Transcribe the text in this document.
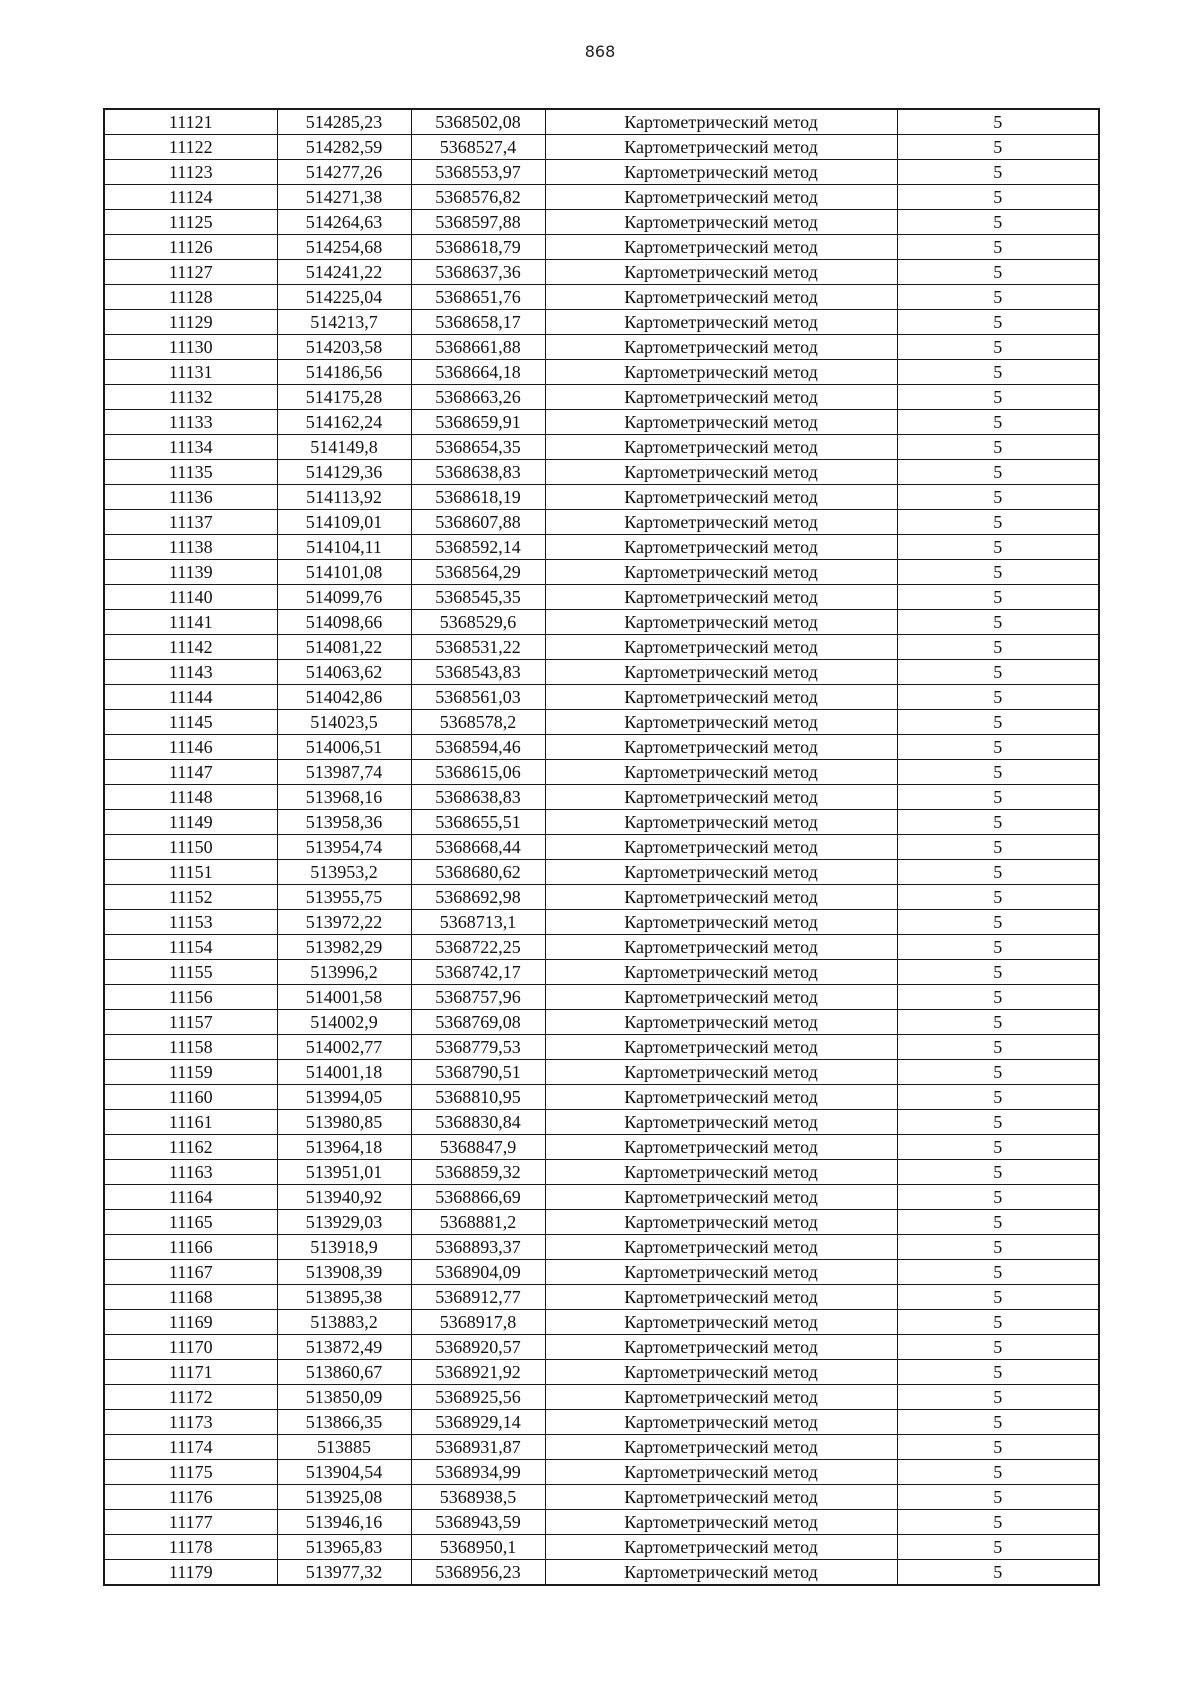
868
11121	514285,23	5368502,08	Картометрический метод	5
11122	514282,59	5368527,4	Картометрический метод	5
11123	514277,26	5368553,97	Картометрический метод	5
11124	514271,38	5368576,82	Картометрический метод	5
11125	514264,63	5368597,88	Картометрический метод	5
11126	514254,68	5368618,79	Картометрический метод	5
11127	514241,22	5368637,36	Картометрический метод	5
11128	514225,04	5368651,76	Картометрический метод	5
11129	514213,7	5368658,17	Картометрический метод	5
11130	514203,58	5368661,88	Картометрический метод	5
11131	514186,56	5368664,18	Картометрический метод	5
11132	514175,28	5368663,26	Картометрический метод	5
11133	514162,24	5368659,91	Картометрический метод	5
11134	514149,8	5368654,35	Картометрический метод	5
11135	514129,36	5368638,83	Картометрический метод	5
11136	514113,92	5368618,19	Картометрический метод	5
11137	514109,01	5368607,88	Картометрический метод	5
11138	514104,11	5368592,14	Картометрический метод	5
11139	514101,08	5368564,29	Картометрический метод	5
11140	514099,76	5368545,35	Картометрический метод	5
11141	514098,66	5368529,6	Картометрический метод	5
11142	514081,22	5368531,22	Картометрический метод	5
11143	514063,62	5368543,83	Картометрический метод	5
11144	514042,86	5368561,03	Картометрический метод	5
11145	514023,5	5368578,2	Картометрический метод	5
11146	514006,51	5368594,46	Картометрический метод	5
11147	513987,74	5368615,06	Картометрический метод	5
11148	513968,16	5368638,83	Картометрический метод	5
11149	513958,36	5368655,51	Картометрический метод	5
11150	513954,74	5368668,44	Картометрический метод	5
11151	513953,2	5368680,62	Картометрический метод	5
11152	513955,75	5368692,98	Картометрический метод	5
11153	513972,22	5368713,1	Картометрический метод	5
11154	513982,29	5368722,25	Картометрический метод	5
11155	513996,2	5368742,17	Картометрический метод	5
11156	514001,58	5368757,96	Картометрический метод	5
11157	514002,9	5368769,08	Картометрический метод	5
11158	514002,77	5368779,53	Картометрический метод	5
11159	514001,18	5368790,51	Картометрический метод	5
11160	513994,05	5368810,95	Картометрический метод	5
11161	513980,85	5368830,84	Картометрический метод	5
11162	513964,18	5368847,9	Картометрический метод	5
11163	513951,01	5368859,32	Картометрический метод	5
11164	513940,92	5368866,69	Картометрический метод	5
11165	513929,03	5368881,2	Картометрический метод	5
11166	513918,9	5368893,37	Картометрический метод	5
11167	513908,39	5368904,09	Картометрический метод	5
11168	513895,38	5368912,77	Картометрический метод	5
11169	513883,2	5368917,8	Картометрический метод	5
11170	513872,49	5368920,57	Картометрический метод	5
11171	513860,67	5368921,92	Картометрический метод	5
11172	513850,09	5368925,56	Картометрический метод	5
11173	513866,35	5368929,14	Картометрический метод	5
11174	513885	5368931,87	Картометрический метод	5
11175	513904,54	5368934,99	Картометрический метод	5
11176	513925,08	5368938,5	Картометрический метод	5
11177	513946,16	5368943,59	Картометрический метод	5
11178	513965,83	5368950,1	Картометрический метод	5
11179	513977,32	5368956,23	Картометрический метод	5
